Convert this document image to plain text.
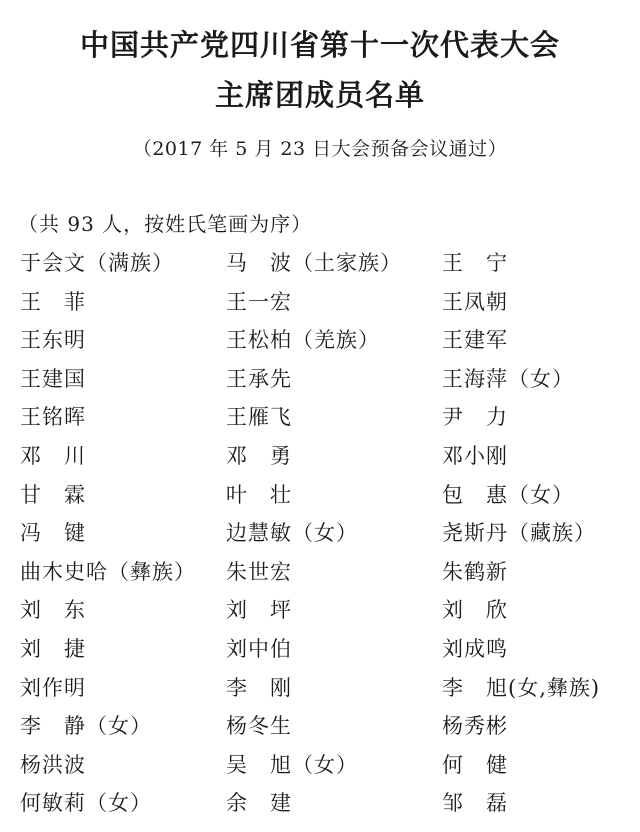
中国共产党四川省第十一次代表大会
主席团成员名单
（2017 年 5 月 23 日大会预备会议通过）
（共 93 人，按姓氏笔画为序）
于会文（满族） 马　波（土家族） 王　宁
王　菲	王一宏	王凤朝
王东明	王松柏（羌族）	王建军
王建国	王承先	王海萍（女）
王铭晖	王雁飞	尹　力
邓　川	邓　勇	邓小刚
甘　霖	叶　壮	包　惠（女）
冯　键	边慧敏（女）	尧斯丹（藏族）
曲木史哈（彝族） 朱世宏	朱鹤新
刘　东	刘　坪	刘　欣
刘　捷	刘中伯	刘成鸣
刘作明	李　刚	李　旭(女,彝族)
李　静（女）	杨冬生	杨秀彬
杨洪波	吴　旭（女）	何　健
何敏莉（女）	余　建	邹　磊
